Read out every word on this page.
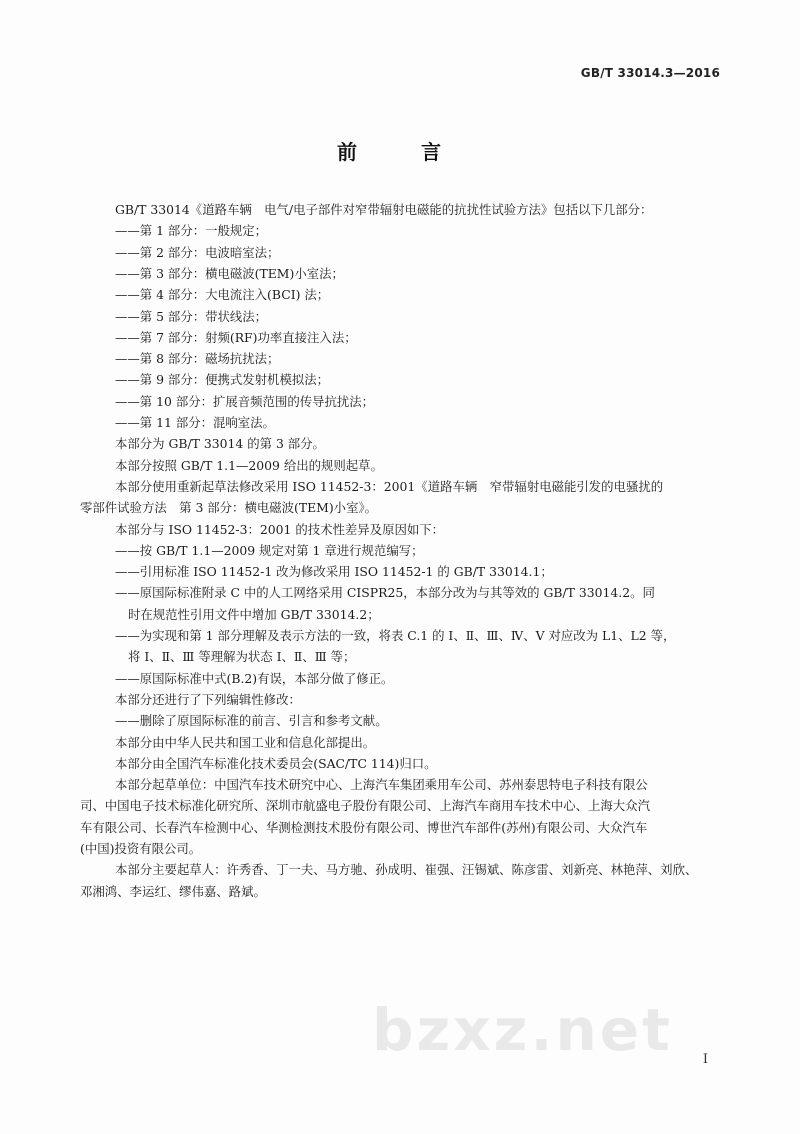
GB/T 33014.3—2016
前　言
GB/T 33014《道路车辆　电气/电子部件对窄带辐射电磁能的抗扰性试验方法》包括以下几部分：
——第 1 部分：一般规定；
——第 2 部分：电波暗室法；
——第 3 部分：横电磁波(TEM)小室法；
——第 4 部分：大电流注入(BCI) 法；
——第 5 部分：带状线法；
——第 7 部分：射频(RF)功率直接注入法；
——第 8 部分：磁场抗扰法；
——第 9 部分：便携式发射机模拟法；
——第 10 部分：扩展音频范围的传导抗扰法；
——第 11 部分：混响室法。
本部分为 GB/T 33014 的第 3 部分。
本部分按照 GB/T 1.1—2009 给出的规则起草。
本部分使用重新起草法修改采用 ISO 11452-3：2001《道路车辆　窄带辐射电磁能引发的电骚扰的
零部件试验方法　第 3 部分：横电磁波(TEM)小室》。
本部分与 ISO 11452-3：2001 的技术性差异及原因如下：
——按 GB/T 1.1—2009 规定对第 1 章进行规范编写；
——引用标准 ISO 11452-1 改为修改采用 ISO 11452-1 的 GB/T 33014.1；
——原国际标准附录 C 中的人工网络采用 CISPR25，本部分改为与其等效的 GB/T 33014.2。同
时在规范性引用文件中增加 GB/T 33014.2；
——为实现和第 1 部分理解及表示方法的一致，将表 C.1 的 Ⅰ、Ⅱ、Ⅲ、Ⅳ、Ⅴ 对应改为 L1、L2 等，
将 Ⅰ、Ⅱ、Ⅲ 等理解为状态 Ⅰ、Ⅱ、Ⅲ 等；
——原国际标准中式(B.2)有误，本部分做了修正。
本部分还进行了下列编辑性修改：
——删除了原国际标准的前言、引言和参考文献。
本部分由中华人民共和国工业和信息化部提出。
本部分由全国汽车标准化技术委员会(SAC/TC 114)归口。
本部分起草单位：中国汽车技术研究中心、上海汽车集团乘用车公司、苏州泰思特电子科技有限公
司、中国电子技术标准化研究所、深圳市航盛电子股份有限公司、上海汽车商用车技术中心、上海大众汽
车有限公司、长春汽车检测中心、华测检测技术股份有限公司、博世汽车部件(苏州)有限公司、大众汽车
(中国)投资有限公司。
本部分主要起草人：许秀香、丁一夫、马方驰、孙成明、崔强、汪锡斌、陈彦雷、刘新亮、林艳萍、刘欣、
邓湘鸿、李运红、缪伟嘉、路斌。
bzxz.net I
